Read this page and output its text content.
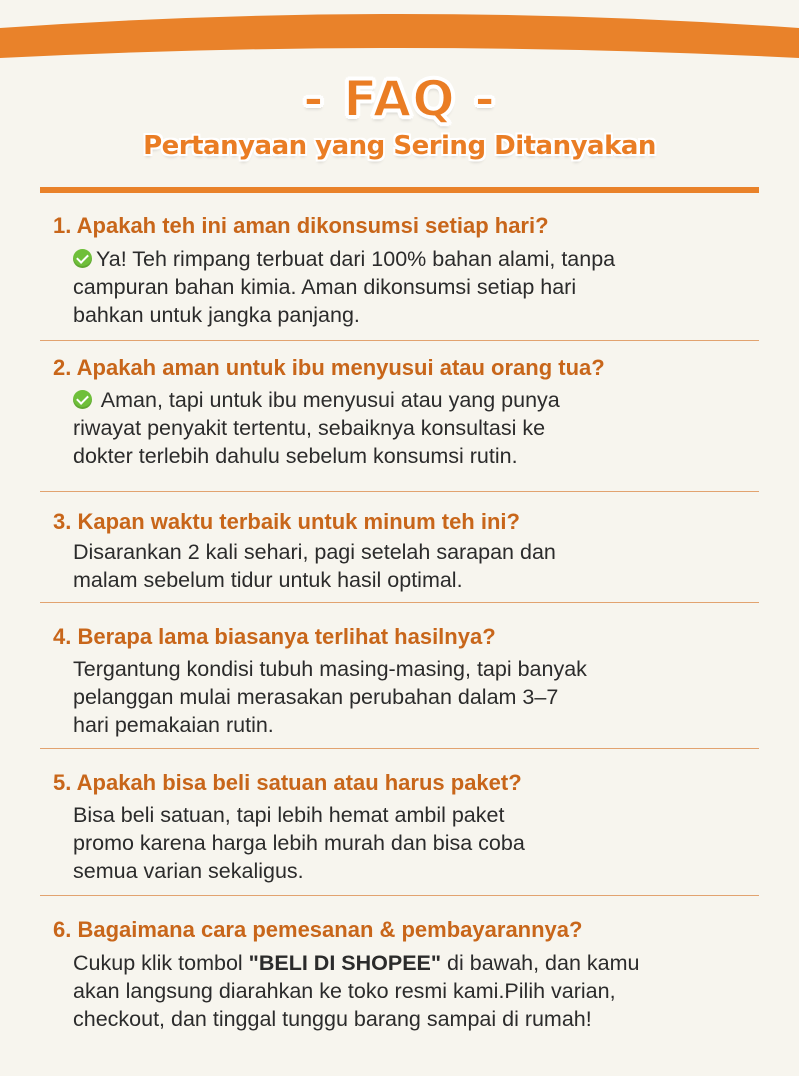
- FAQ -
Pertanyaan yang Sering Ditanyakan
1. Apakah teh ini aman dikonsumsi setiap hari?
Ya! Teh rimpang terbuat dari 100% bahan alami, tanpa
campuran bahan kimia. Aman dikonsumsi setiap hari
bahkan untuk jangka panjang.
2. Apakah aman untuk ibu menyusui atau orang tua?
Aman, tapi untuk ibu menyusui atau yang punya
riwayat penyakit tertentu, sebaiknya konsultasi ke
dokter terlebih dahulu sebelum konsumsi rutin.
3. Kapan waktu terbaik untuk minum teh ini?
Disarankan 2 kali sehari, pagi setelah sarapan dan
malam sebelum tidur untuk hasil optimal.
4. Berapa lama biasanya terlihat hasilnya?
Tergantung kondisi tubuh masing-masing, tapi banyak
pelanggan mulai merasakan perubahan dalam 3–7
hari pemakaian rutin.
5. Apakah bisa beli satuan atau harus paket?
Bisa beli satuan, tapi lebih hemat ambil paket
promo karena harga lebih murah dan bisa coba
semua varian sekaligus.
6. Bagaimana cara pemesanan & pembayarannya?
Cukup klik tombol "BELI DI SHOPEE" di bawah, dan kamu
akan langsung diarahkan ke toko resmi kami.Pilih varian,
checkout, dan tinggal tunggu barang sampai di rumah!
